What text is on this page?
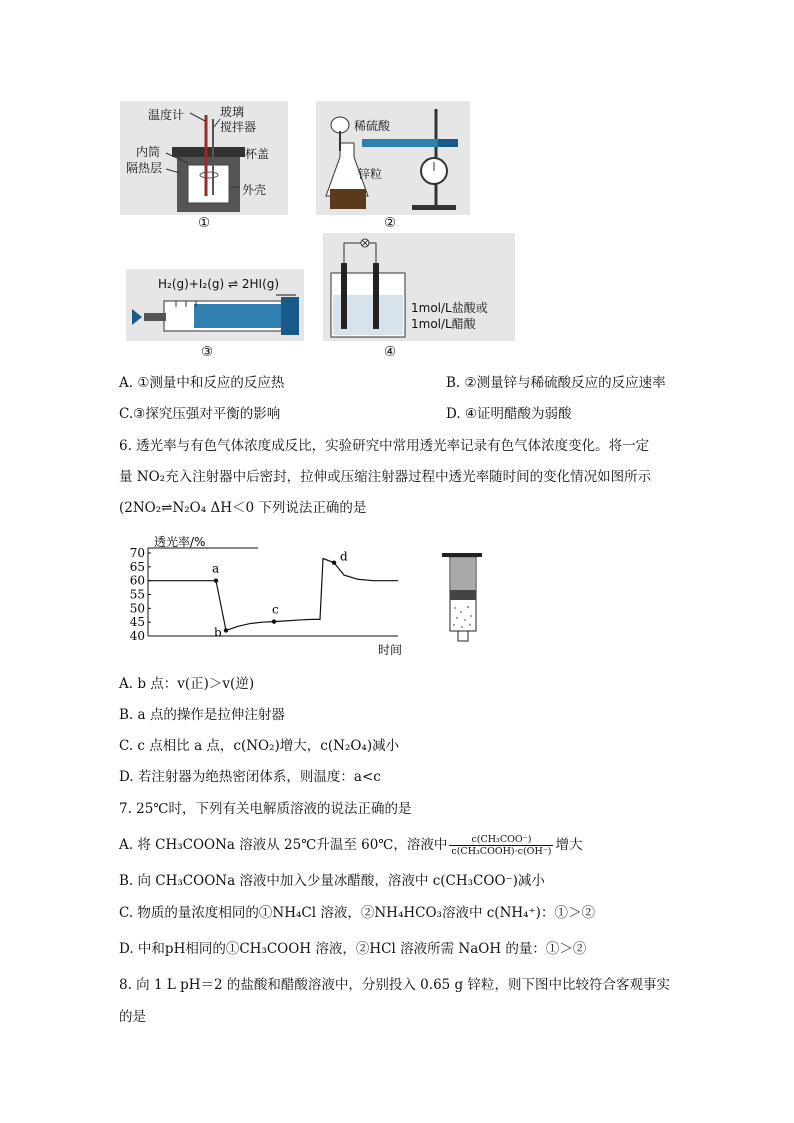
温度计	玻璃
搅拌器
内筒	杯盖
隔热层
外壳
①
稀硫酸
锌粒
②
H₂(g)+I₂(g) ⇌ 2HI(g)
③
1mol/L盐酸或
1mol/L醋酸
④
A. ①测量中和反应的反应热	B. ②测量锌与稀硫酸反应的反应速率
C.③探究压强对平衡的影响	D. ④证明醋酸为弱酸
6. 透光率与有色气体浓度成反比，实验研究中常用透光率记录有色气体浓度变化。将一定
量 NO₂充入注射器中后密封，拉伸或压缩注射器过程中透光率随时间的变化情况如图所示
(2NO₂⇌N₂O₄ ΔH＜0 下列说法正确的是
70
65
60
55
50
45
40
透光率/%
时间
a
b
c
d
A. b 点：v(正)＞v(逆)
B. a 点的操作是拉伸注射器
C. c 点相比 a 点，c(NO₂)增大，c(N₂O₄)减小
D. 若注射器为绝热密闭体系，则温度：a<c
7. 25℃时，下列有关电解质溶液的说法正确的是
A. 将 CH₃COONa 溶液从 25℃升温至 60℃，溶液中 $\frac{\text{c(CH₃COO⁻)}}{\text{c(CH₃COOH)·c(OH⁻)}}$ 增大
B. 向 CH₃COONa 溶液中加入少量冰醋酸，溶液中 c(CH₃COO⁻)减小
C. 物质的量浓度相同的①NH₄Cl 溶液，②NH₄HCO₃溶液中 c(NH₄⁺)：①＞②
D. 中和pH相同的①CH₃COOH 溶液，②HCl 溶液所需 NaOH 的量：①＞②
8. 向 1 L pH＝2 的盐酸和醋酸溶液中，分别投入 0.65 g 锌粒，则下图中比较符合客观事实
的是
